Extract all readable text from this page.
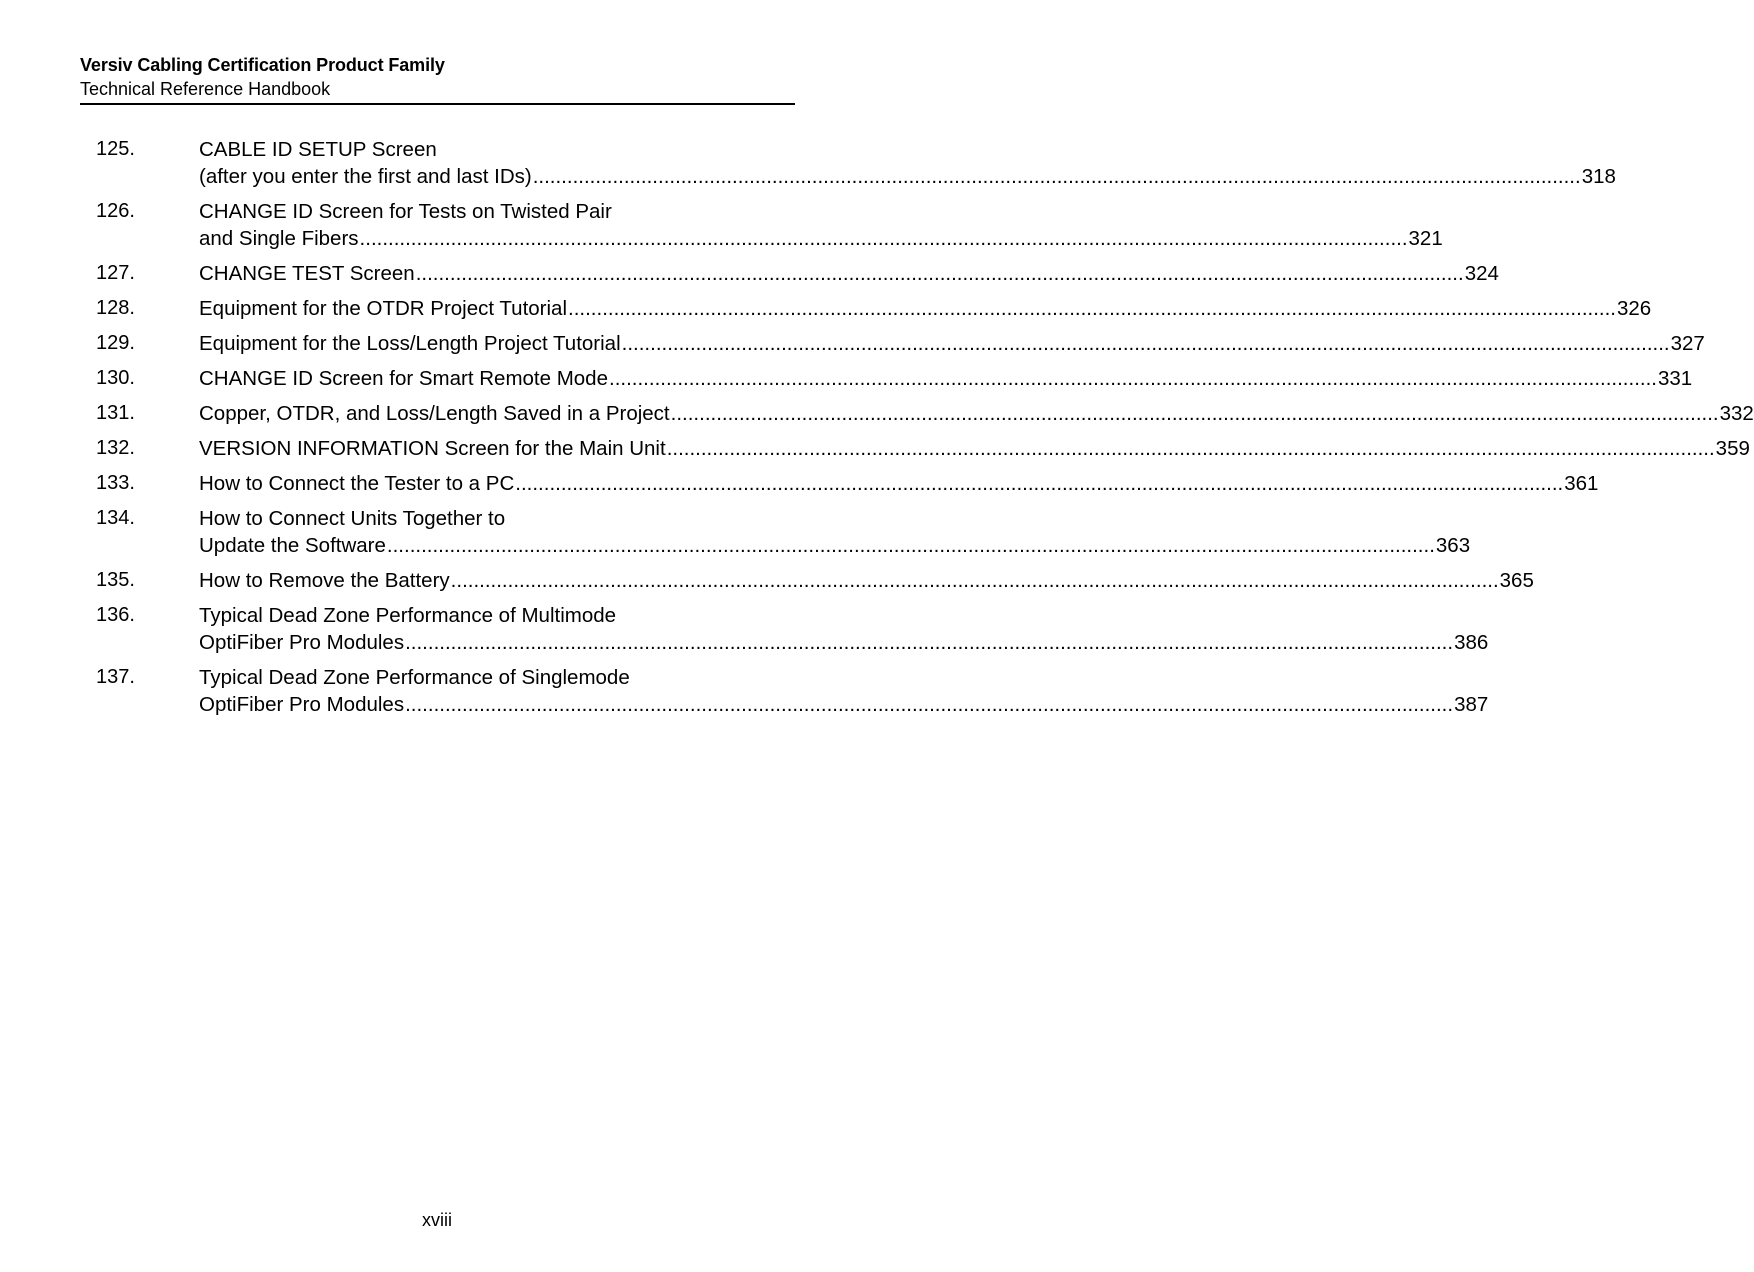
Versiv Cabling Certification Product Family
Technical Reference Handbook
125.	CABLE ID SETUP Screen
(after you enter the first and last IDs) .....	318
126.	CHANGE ID Screen for Tests on Twisted Pair
and Single Fibers .....	321
127.	CHANGE TEST Screen .....	324
128.	Equipment for the OTDR Project Tutorial .....	326
129.	Equipment for the Loss/Length Project Tutorial .....	327
130.	CHANGE ID Screen for Smart Remote Mode .....	331
131.	Copper, OTDR, and Loss/Length Saved in a Project .....	332
132.	VERSION INFORMATION Screen for the Main Unit .....	359
133.	How to Connect the Tester to a PC .....	361
134.	How to Connect Units Together to
Update the Software .....	363
135.	How to Remove the Battery .....	365
136.	Typical Dead Zone Performance of Multimode
OptiFiber Pro Modules .....	386
137.	Typical Dead Zone Performance of Singlemode
OptiFiber Pro Modules .....	387
xviii
